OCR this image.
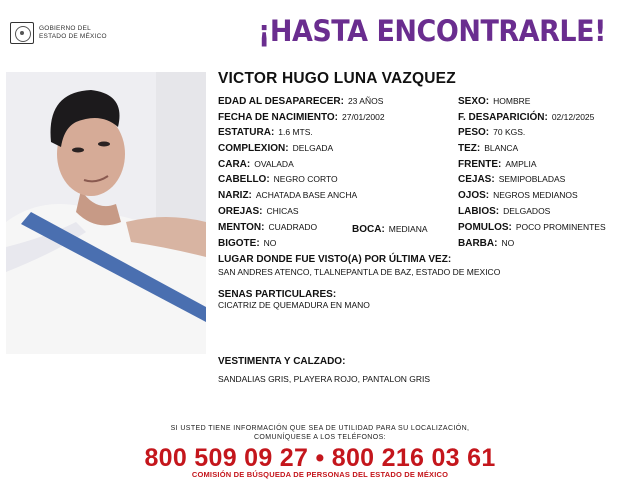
GOBIERNO DEL
ESTADO DE MÉXICO	¡HASTA ENCONTRARLE!
VICTOR HUGO LUNA VAZQUEZ
EDAD AL DESAPARECER: 23 AÑOS
FECHA DE NACIMIENTO: 27/01/2002
ESTATURA: 1.6 MTS.
COMPLEXION: DELGADA
CARA: OVALADA
CABELLO: NEGRO CORTO
NARIZ: ACHATADA BASE ANCHA
OREJAS: CHICAS
MENTON: CUADRADO	BOCA: MEDIANA
BIGOTE: NO
SEXO: HOMBRE
F. DESAPARICIÓN: 02/12/2025
PESO: 70 KGS.
TEZ: BLANCA
FRENTE: AMPLIA
CEJAS: SEMIPOBLADAS
OJOS: NEGROS MEDIANOS
LABIOS: DELGADOS
POMULOS: POCO PROMINENTES
BARBA: NO
LUGAR DONDE FUE VISTO(A) POR ÚLTIMA VEZ:
SAN ANDRES ATENCO, TLALNEPANTLA DE BAZ, ESTADO DE MEXICO
SENAS PARTICULARES:
CICATRIZ DE QUEMADURA EN MANO
VESTIMENTA Y CALZADO:
SANDALIAS GRIS, PLAYERA ROJO, PANTALON GRIS
SI USTED TIENE INFORMACIÓN QUE SEA DE UTILIDAD PARA SU LOCALIZACIÓN,
COMUNÍQUESE A LOS TELÉFONOS:
800 509 09 27 • 800 216 03 61
COMISIÓN DE BÚSQUEDA DE PERSONAS DEL ESTADO DE MÉXICO
